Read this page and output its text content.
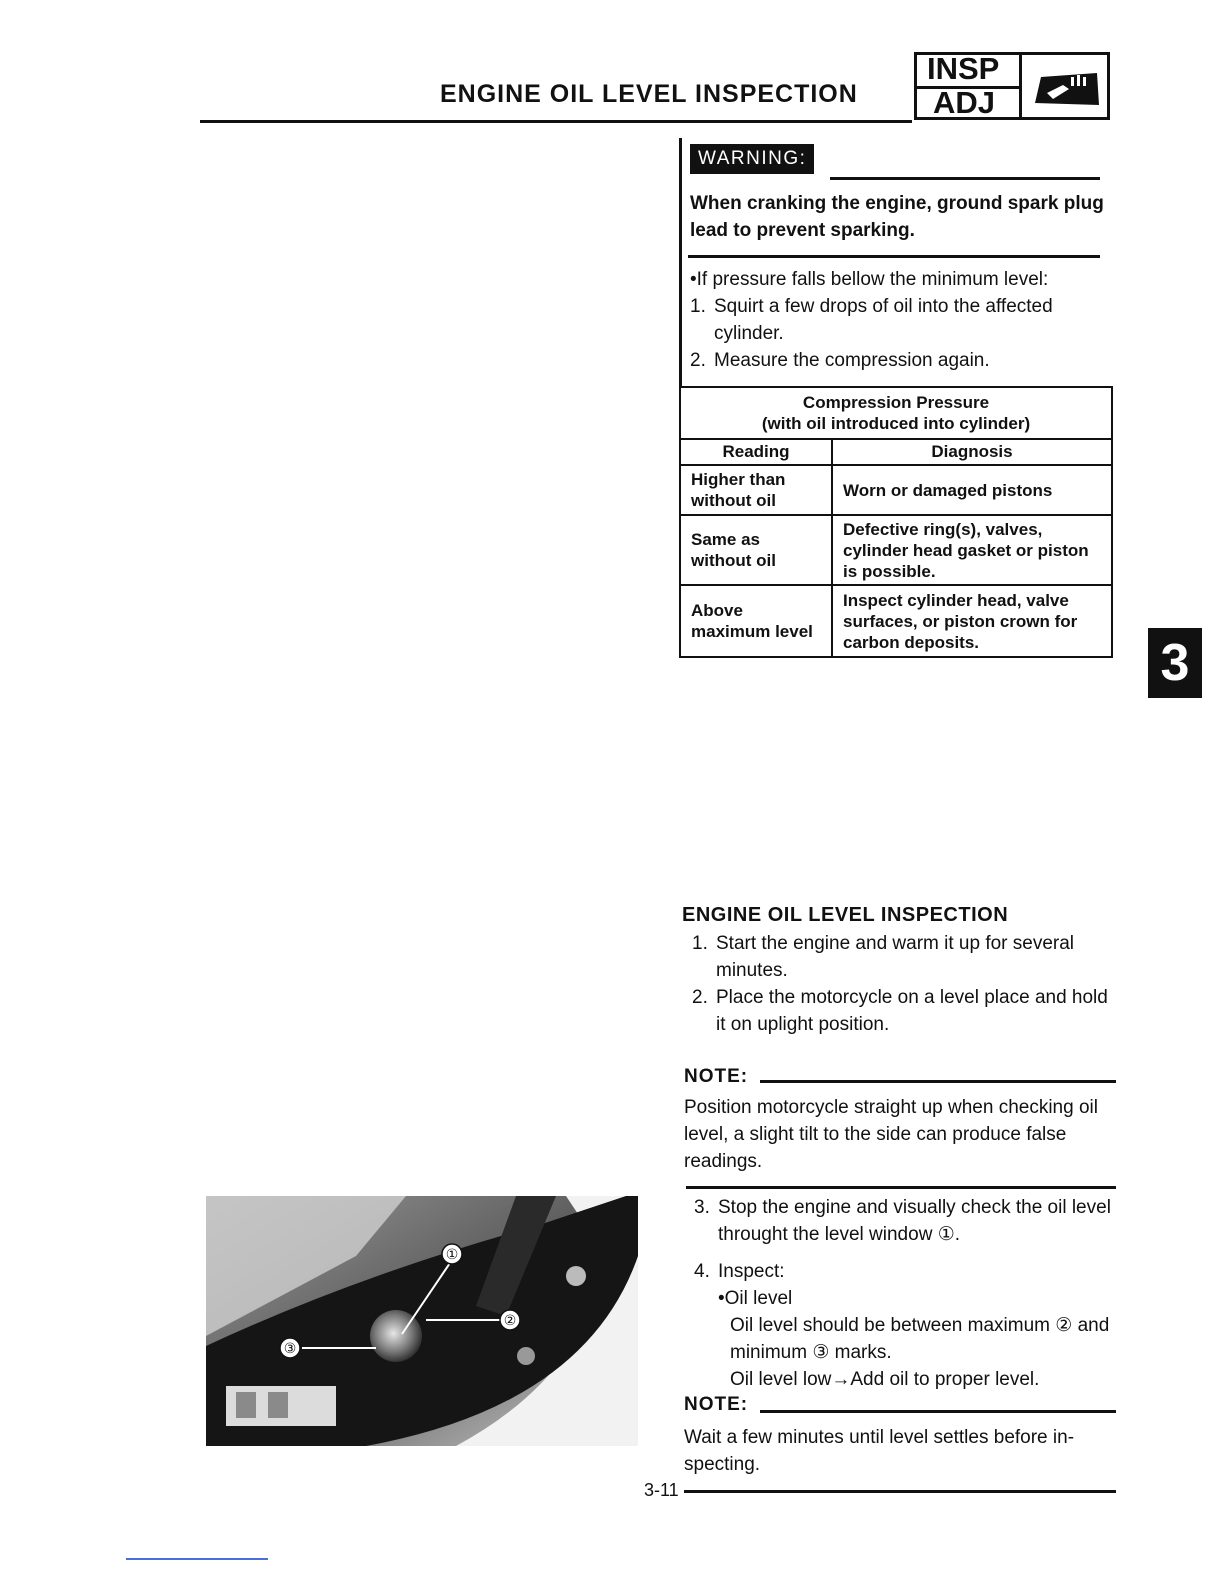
ENGINE OIL LEVEL INSPECTION
INSP
ADJ
WARNING:
When cranking the engine, ground spark plug lead to prevent sparking.
•If pressure falls bellow the minimum level:
1. Squirt a few drops of oil into the affected cylinder.
2. Measure the compression again.
Compression Pressure
(with oil introduced into cylinder)	

Reading	Diagnosis
Higher than without oil	Worn or damaged pistons
Same as without oil	Defective ring(s), valves, cylinder head gasket or piston is possible.
Above maximum level	Inspect cylinder head, valve surfaces, or piston crown for carbon deposits.	3
ENGINE OIL LEVEL INSPECTION
1. Start the engine and warm it up for several minutes.
2. Place the motorcycle on a level place and hold it on uplight position.
NOTE:
Position motorcycle straight up when checking oil level, a slight tilt to the side can produce false readings.
3. Stop the engine and visually check the oil level throught the level window ①.
4. Inspect:
•Oil level
Oil level should be between maximum ② and minimum ③ marks.
Oil level low→Add oil to proper level.
NOTE:
Wait a few minutes until level settles before in-specting.
3-11
①
②
③
